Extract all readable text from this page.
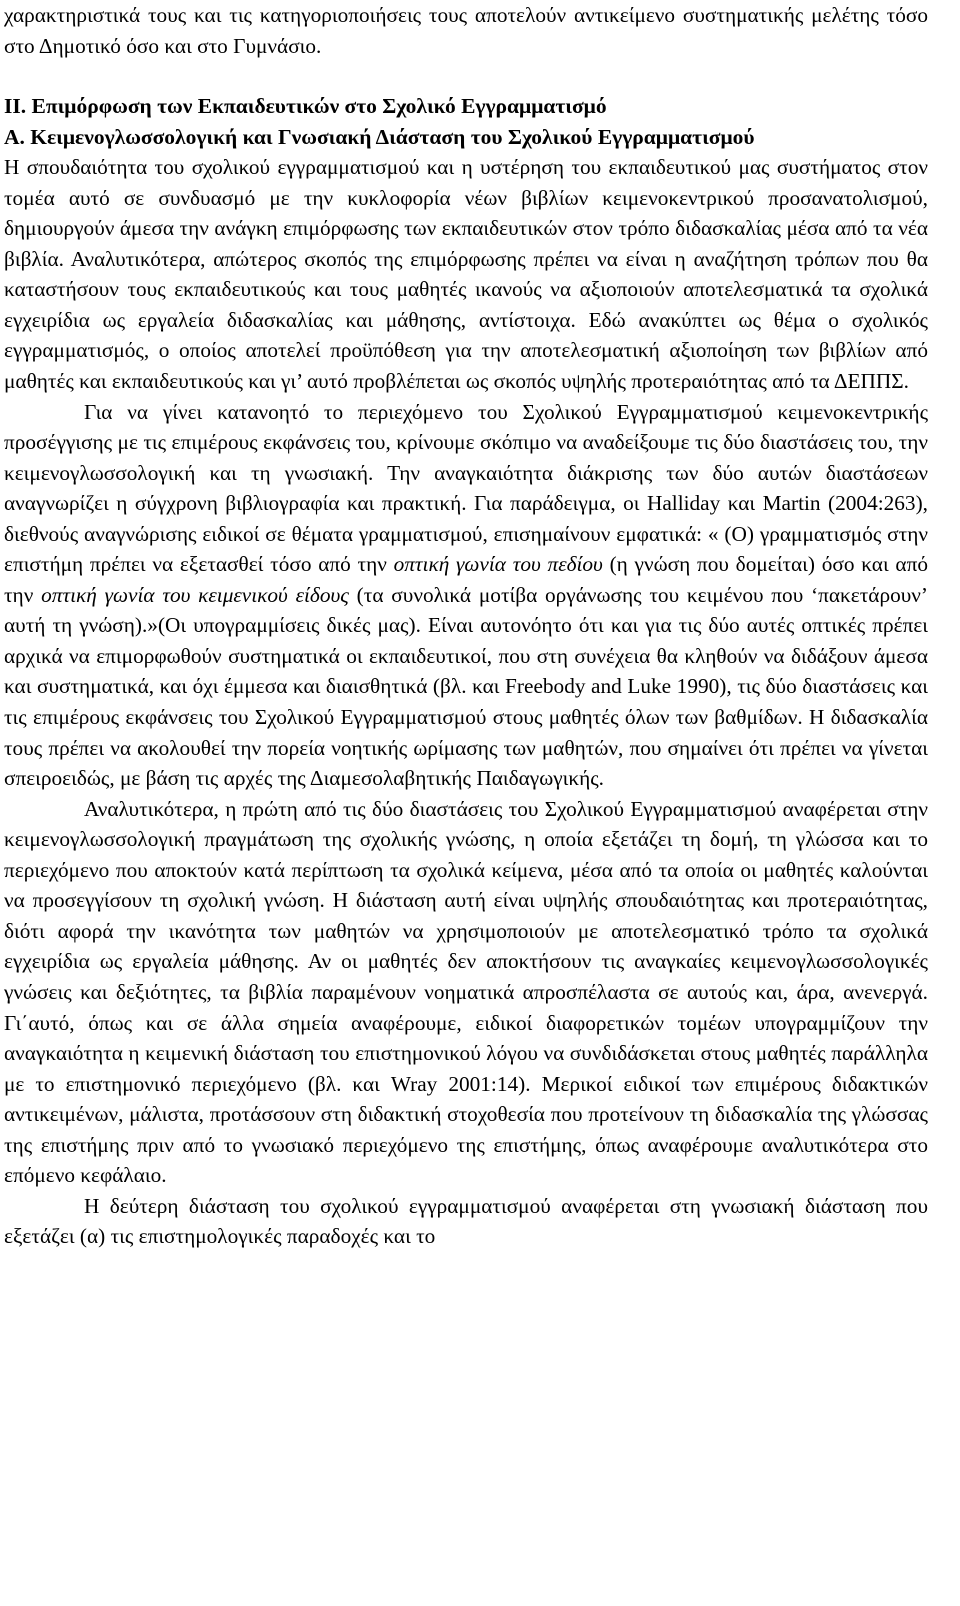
χαρακτηριστικά τους και τις κατηγοριοποιήσεις τους αποτελούν αντικείμενο συστηματικής μελέτης τόσο στο Δημοτικό όσο και στο Γυμνάσιο.

ΙΙ. Επιμόρφωση των Εκπαιδευτικών στο Σχολικό Εγγραμματισμό
Α. Κειμενογλωσσολογική και Γνωσιακή Διάσταση του Σχολικού Εγγραμματισμού

Η σπουδαιότητα του σχολικού εγγραμματισμού και η υστέρηση του εκπαιδευτικού μας συστήματος στον τομέα αυτό σε συνδυασμό με την κυκλοφορία νέων βιβλίων κειμενοκεντρικού προσανατολισμού, δημιουργούν άμεσα την ανάγκη επιμόρφωσης των εκπαιδευτικών στον τρόπο διδασκαλίας μέσα από τα νέα βιβλία. Αναλυτικότερα, απώτερος σκοπός της επιμόρφωσης πρέπει να είναι η αναζήτηση τρόπων που θα καταστήσουν τους εκπαιδευτικούς και τους μαθητές ικανούς να αξιοποιούν αποτελεσματικά τα σχολικά εγχειρίδια ως εργαλεία διδασκαλίας και μάθησης, αντίστοιχα. Εδώ ανακύπτει ως θέμα ο σχολικός εγγραμματισμός, ο οποίος αποτελεί προϋπόθεση για την αποτελεσματική αξιοποίηση των βιβλίων από μαθητές και εκπαιδευτικούς και γι’ αυτό προβλέπεται ως σκοπός υψηλής προτεραιότητας από τα ΔΕΠΠΣ.

Για να γίνει κατανοητό το περιεχόμενο του Σχολικού Εγγραμματισμού κειμενοκεντρικής προσέγγισης με τις επιμέρους εκφάνσεις του, κρίνουμε σκόπιμο να αναδείξουμε τις δύο διαστάσεις του, την κειμενογλωσσολογική και τη γνωσιακή. Την αναγκαιότητα διάκρισης των δύο αυτών διαστάσεων αναγνωρίζει η σύγχρονη βιβλιογραφία και πρακτική. Για παράδειγμα, οι Halliday και Martin (2004:263), διεθνούς αναγνώρισης ειδικοί σε θέματα γραμματισμού, επισημαίνουν εμφατικά: « (Ο) γραμματισμός στην επιστήμη πρέπει να εξετασθεί τόσο από την οπτική γωνία του πεδίου (η γνώση που δομείται) όσο και από την οπτική γωνία του κειμενικού είδους (τα συνολικά μοτίβα οργάνωσης του κειμένου που ‘πακετάρουν’ αυτή τη γνώση).»(Οι υπογραμμίσεις δικές μας). Είναι αυτονόητο ότι και για τις δύο αυτές οπτικές πρέπει αρχικά να επιμορφωθούν συστηματικά οι εκπαιδευτικοί, που στη συνέχεια θα κληθούν να διδάξουν άμεσα και συστηματικά, και όχι έμμεσα και διαισθητικά (βλ. και Freebody and Luke 1990), τις δύο διαστάσεις και τις επιμέρους εκφάνσεις του Σχολικού Εγγραμματισμού στους μαθητές όλων των βαθμίδων. Η διδασκαλία τους πρέπει να ακολουθεί την πορεία νοητικής ωρίμασης των μαθητών, που σημαίνει ότι πρέπει να γίνεται σπειροειδώς, με βάση τις αρχές της Διαμεσολαβητικής Παιδαγωγικής.

Αναλυτικότερα, η πρώτη από τις δύο διαστάσεις του Σχολικού Εγγραμματισμού αναφέρεται στην κειμενογλωσσολογική πραγμάτωση της σχολικής γνώσης, η οποία εξετάζει τη δομή, τη γλώσσα και το περιεχόμενο που αποκτούν κατά περίπτωση τα σχολικά κείμενα, μέσα από τα οποία οι μαθητές καλούνται να προσεγγίσουν τη σχολική γνώση. Η διάσταση αυτή είναι υψηλής σπουδαιότητας και προτεραιότητας, διότι αφορά την ικανότητα των μαθητών να χρησιμοποιούν με αποτελεσματικό τρόπο τα σχολικά εγχειρίδια ως εργαλεία μάθησης. Αν οι μαθητές δεν αποκτήσουν τις αναγκαίες κειμενογλωσσολογικές γνώσεις και δεξιότητες, τα βιβλία παραμένουν νοηματικά απροσπέλαστα σε αυτούς και, άρα, ανενεργά. Γι΄αυτό, όπως και σε άλλα σημεία αναφέρουμε, ειδικοί διαφορετικών τομέων υπογραμμίζουν την αναγκαιότητα η κειμενική διάσταση του επιστημονικού λόγου να συνδιδάσκεται στους μαθητές παράλληλα με το επιστημονικό περιεχόμενο (βλ. και Wray 2001:14). Μερικοί ειδικοί των επιμέρους διδακτικών αντικειμένων, μάλιστα, προτάσσουν στη διδακτική στοχοθεσία που προτείνουν τη διδασκαλία της γλώσσας της επιστήμης πριν από το γνωσιακό περιεχόμενο της επιστήμης, όπως αναφέρουμε αναλυτικότερα στο επόμενο κεφάλαιο.

Η δεύτερη διάσταση του σχολικού εγγραμματισμού αναφέρεται στη γνωσιακή διάσταση που εξετάζει (α) τις επιστημολογικές παραδοχές και το
